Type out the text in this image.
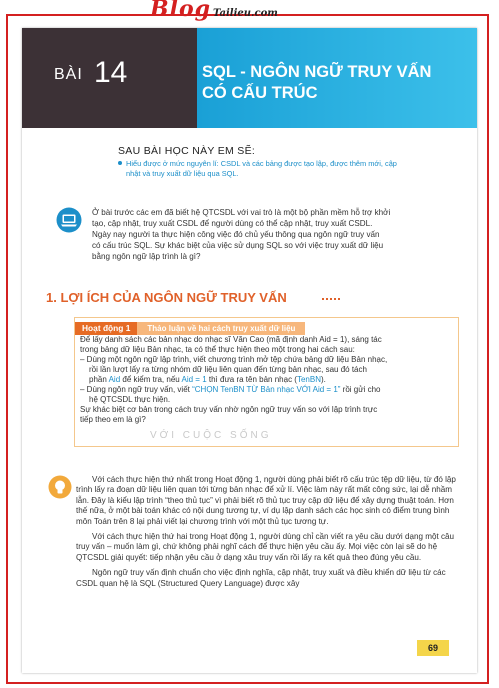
Blog Tailieu.com
BÀI 14	SQL - NGÔN NGỮ TRUY VẤN
CÓ CẤU TRÚC
SAU BÀI HỌC NÀY EM SẼ:
Hiểu được ở mức nguyên lí: CSDL và các bảng được tạo lập, được thêm mới, cập
nhật và truy xuất dữ liệu qua SQL.
Ở bài trước các em đã biết hệ QTCSDL với vai trò là một bộ phần mềm hỗ trợ khởi
tạo, cập nhật, truy xuất CSDL để người dùng có thể cập nhật, truy xuất CSDL.
Ngày nay người ta thực hiện công việc đó chủ yếu thông qua ngôn ngữ truy vấn
có cấu trúc SQL. Sự khác biệt của việc sử dụng SQL so với việc truy xuất dữ liệu
bằng ngôn ngữ lập trình là gì?
1. LỢI ÍCH CỦA NGÔN NGỮ TRUY VẤN
Hoạt động 1 Thảo luận về hai cách truy xuất dữ liệu
Để lấy danh sách các bản nhạc do nhạc sĩ Văn Cao (mã định danh Aid = 1), sáng tác
trong bảng dữ liệu Bản nhạc, ta có thể thực hiện theo một trong hai cách sau:
– Dùng một ngôn ngữ lập trình, viết chương trình mở tệp chứa bảng dữ liệu Bản nhạc,
rồi lần lượt lấy ra từng nhóm dữ liệu liên quan đến từng bản nhạc, sau đó tách
phần Aid để kiểm tra, nếu Aid = 1 thì đưa ra tên bản nhạc (TenBN).
– Dùng ngôn ngữ truy vấn, viết “CHỌN TenBN TỪ Bản nhạc VỚI Aid = 1” rồi gửi cho
hệ QTCSDL thực hiện.
Sự khác biệt cơ bản trong cách truy vấn nhờ ngôn ngữ truy vấn so với lập trình trực
tiếp theo em là gì?
VỚI CUỘC SỐNG

Với cách thực hiện thứ nhất trong Hoạt động 1, người dùng phải biết rõ cấu trúc tệp dữ liệu, từ đó lập trình lấy ra đoạn dữ liệu liên quan tới từng bản nhạc để xử lí. Việc làm này rất mất công sức, lại dễ nhầm lẫn. Đây là kiểu lập trình “theo thủ tục” vì phải biết rõ thủ tục truy cập dữ liệu để xây dựng thuật toán. Hơn thế nữa, ở một bài toán khác có nội dung tương tự, ví dụ lập danh sách các học sinh có điểm trung bình môn Toán trên 8 lại phải viết lại chương trình với một thủ tục tương tự.

Với cách thực hiện thứ hai trong Hoạt động 1, người dùng chỉ cần viết ra yêu cầu dưới dạng một câu truy vấn – muốn làm gì, chứ không phải nghĩ cách để thực hiện yêu cầu ấy. Mọi việc còn lại sẽ do hệ QTCSDL giải quyết: tiếp nhận yêu cầu ở dạng xâu truy vấn rồi lấy ra kết quả theo đúng yêu cầu.

Ngôn ngữ truy vấn định chuẩn cho việc định nghĩa, cập nhật, truy xuất và điều khiển dữ liệu từ các CSDL quan hệ là SQL (Structured Query Language) được xây

69
